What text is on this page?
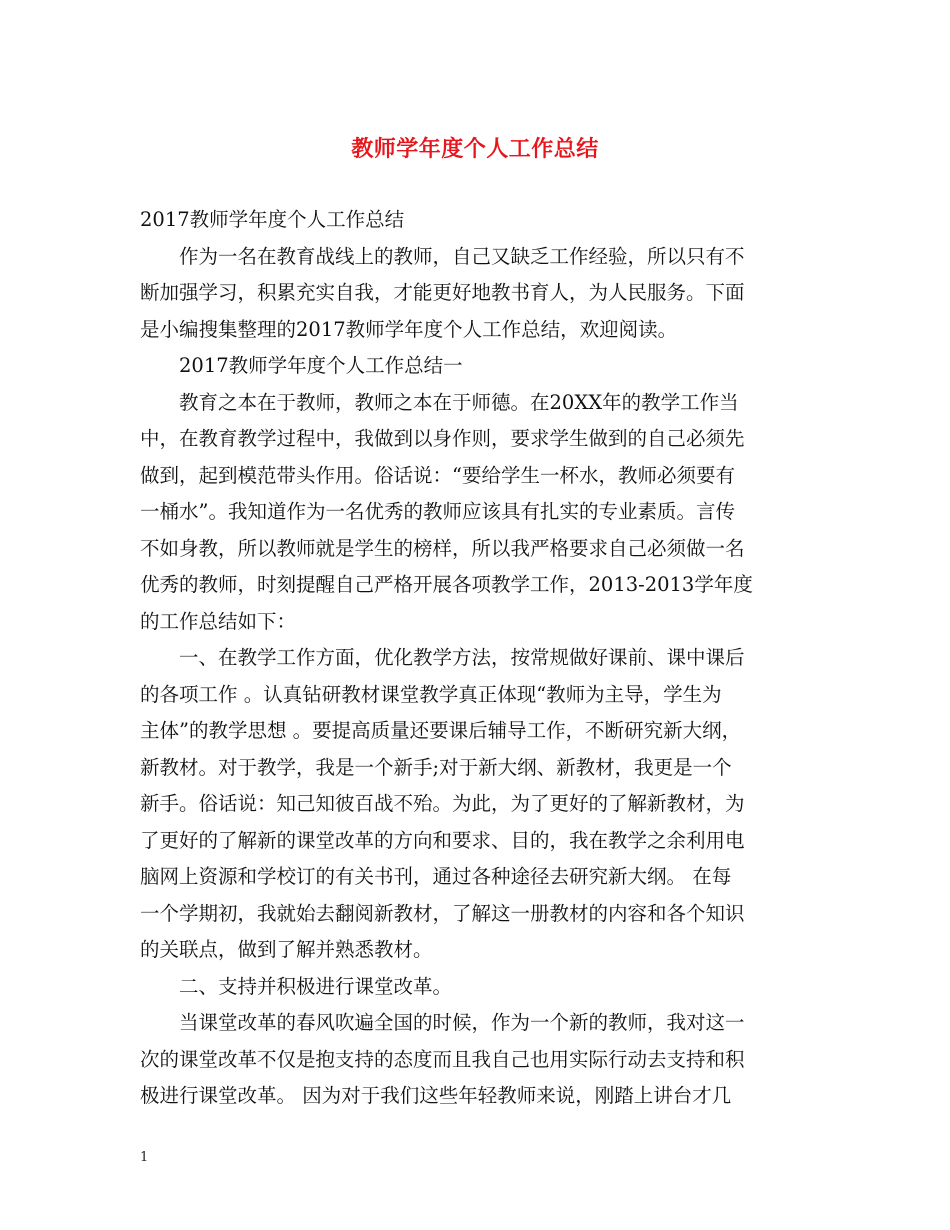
教师学年度个人工作总结
2017教师学年度个人工作总结
作为一名在教育战线上的教师，自己又缺乏工作经验，所以只有不
断加强学习，积累充实自我，才能更好地教书育人，为人民服务。下面
是小编搜集整理的2017教师学年度个人工作总结，欢迎阅读。
2017教师学年度个人工作总结一
教育之本在于教师，教师之本在于师德。在20XX年的教学工作当
中，在教育教学过程中，我做到以身作则，要求学生做到的自己必须先
做到，起到模范带头作用。俗话说：“要给学生一杯水，教师必须要有
一桶水”。我知道作为一名优秀的教师应该具有扎实的专业素质。言传
不如身教，所以教师就是学生的榜样，所以我严格要求自己必须做一名
优秀的教师，时刻提醒自己严格开展各项教学工作，2013-2013学年度
的工作总结如下：
一、在教学工作方面，优化教学方法，按常规做好课前、课中课后
的各项工作 。认真钻研教材课堂教学真正体现“教师为主导，学生为
主体”的教学思想 。要提高质量还要课后辅导工作，不断研究新大纲，
新教材。对于教学，我是一个新手;对于新大纲、新教材，我更是一个
新手。俗话说：知己知彼百战不殆。为此，为了更好的了解新教材，为
了更好的了解新的课堂改革的方向和要求、目的，我在教学之余利用电
脑网上资源和学校订的有关书刊，通过各种途径去研究新大纲。 在每
一个学期初，我就始去翻阅新教材，了解这一册教材的内容和各个知识
的关联点，做到了解并熟悉教材。
二、支持并积极进行课堂改革。
当课堂改革的春风吹遍全国的时候，作为一个新的教师，我对这一
次的课堂改革不仅是抱支持的态度而且我自己也用实际行动去支持和积
极进行课堂改革。 因为对于我们这些年轻教师来说，刚踏上讲台才几
1
